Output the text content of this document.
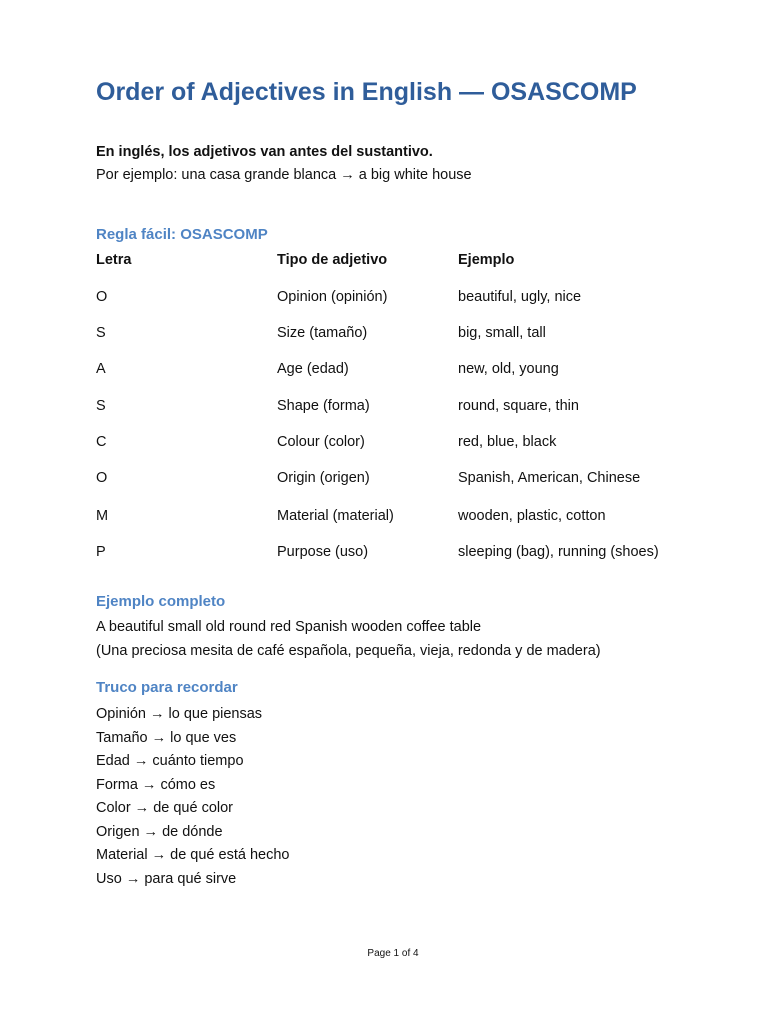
Order of Adjectives in English — OSASCOMP
En inglés, los adjetivos van antes del sustantivo.
Por ejemplo: una casa grande blanca → a big white house
Regla fácil: OSASCOMP
Letra	Tipo de adjetivo	Ejemplo
O	Opinion (opinión)	beautiful, ugly, nice
S	Size (tamaño)	big, small, tall
A	Age (edad)	new, old, young
S	Shape (forma)	round, square, thin
C	Colour (color)	red, blue, black
O	Origin (origen)	Spanish, American, Chinese
M	Material (material)	wooden, plastic, cotton
P	Purpose (uso)	sleeping (bag), running (shoes)
Ejemplo completo
A beautiful small old round red Spanish wooden coffee table
(Una preciosa mesita de café española, pequeña, vieja, redonda y de madera)
Truco para recordar
Opinión → lo que piensas
Tamaño → lo que ves
Edad → cuánto tiempo
Forma → cómo es
Color → de qué color
Origen → de dónde
Material → de qué está hecho
Uso → para qué sirve
Page 1 of 4
